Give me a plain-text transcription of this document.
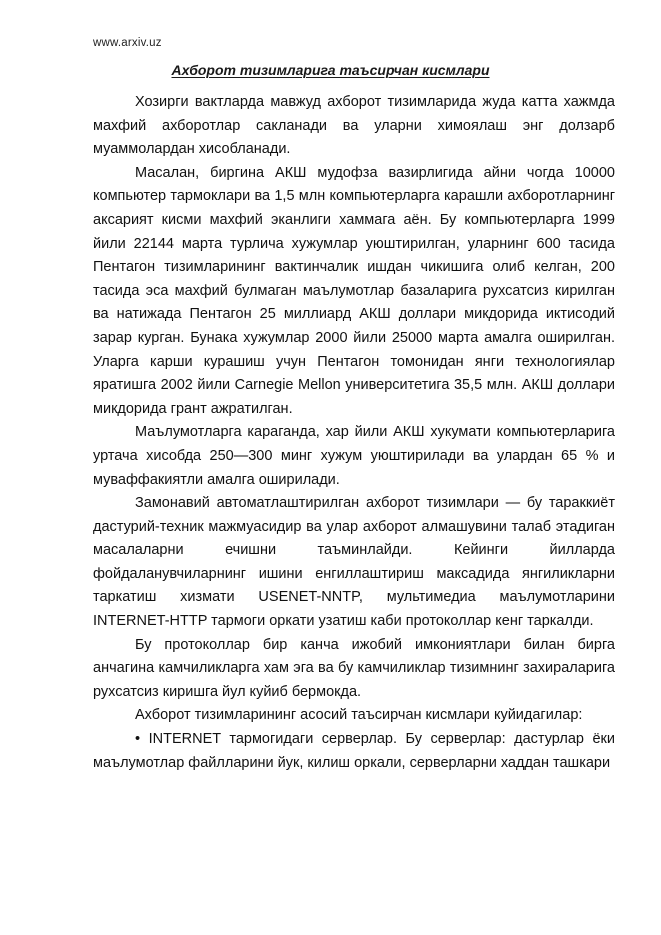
www.arxiv.uz
Ахборот тизимларига таъсирчан кисмлари

Хозирги вактларда мавжуд ахборот тизимларида жуда катта хажмда махфий ахборотлар сакланади ва уларни химоялаш энг долзарб муаммолардан хисобланади.

Масалан, биргина АКШ мудофза вазирлигида айни чогда 10000 компьютер тармоклари ва 1,5 млн компьютерларга карашли ахборотларнинг аксарият кисми махфий эканлиги хаммага аён. Бу компьютерларга 1999 йили 22144 марта турлича хужумлар уюштирилган, уларнинг 600 тасида Пентагон тизимларининг вактинчалик ишдан чикишига олиб келган, 200 тасида эса махфий булмаган маълумотлар базаларига рухсатсиз кирилган ва натижада Пентагон 25 миллиард АКШ доллари микдорида иктисодий зарар курган. Бунака хужумлар 2000 йили 25000 марта амалга оширилган. Уларга карши курашиш учун Пентагон томонидан янги технологиялар яратишга 2002 йили Carnegie Mellon университетига 35,5 млн. АКШ доллари микдорида грант ажратилган.

Маълумотларга караганда, хар йили АКШ хукумати компьютерларига уртача хисобда 250—300 минг хужум уюштирилади ва улардан 65 % и муваффакиятли амалга оширилади.

Замонавий автоматлаштирилган ахборот тизимлари — бу тараккиёт дастурий-техник мажмуасидир ва улар ахборот алмашувини талаб этадиган масалаларни ечишни таъминлайди. Кейинги йилларда фойдаланувчиларнинг ишини енгиллаштириш максадида янгиликларни таркатиш хизмати USENET-NNTP, мультимедиа маълумотларини INTERNET-HTTP тармоги оркати узатиш каби протоколлар кенг таркалди.

Бу протоколлар бир канча ижобий имкониятлари билан бирга анчагина камчиликларга хам эга ва бу камчиликлар тизимнинг захираларига рухсатсиз киришга йул куйиб бермокда.

Ахборот тизимларининг асосий таъсирчан кисмлари куйидагилар:

• INTERNET тармогидаги серверлар. Бу серверлар: дастурлар ёки маълумотлар файлларини йук, килиш оркали, серверларни хаддан ташкари
